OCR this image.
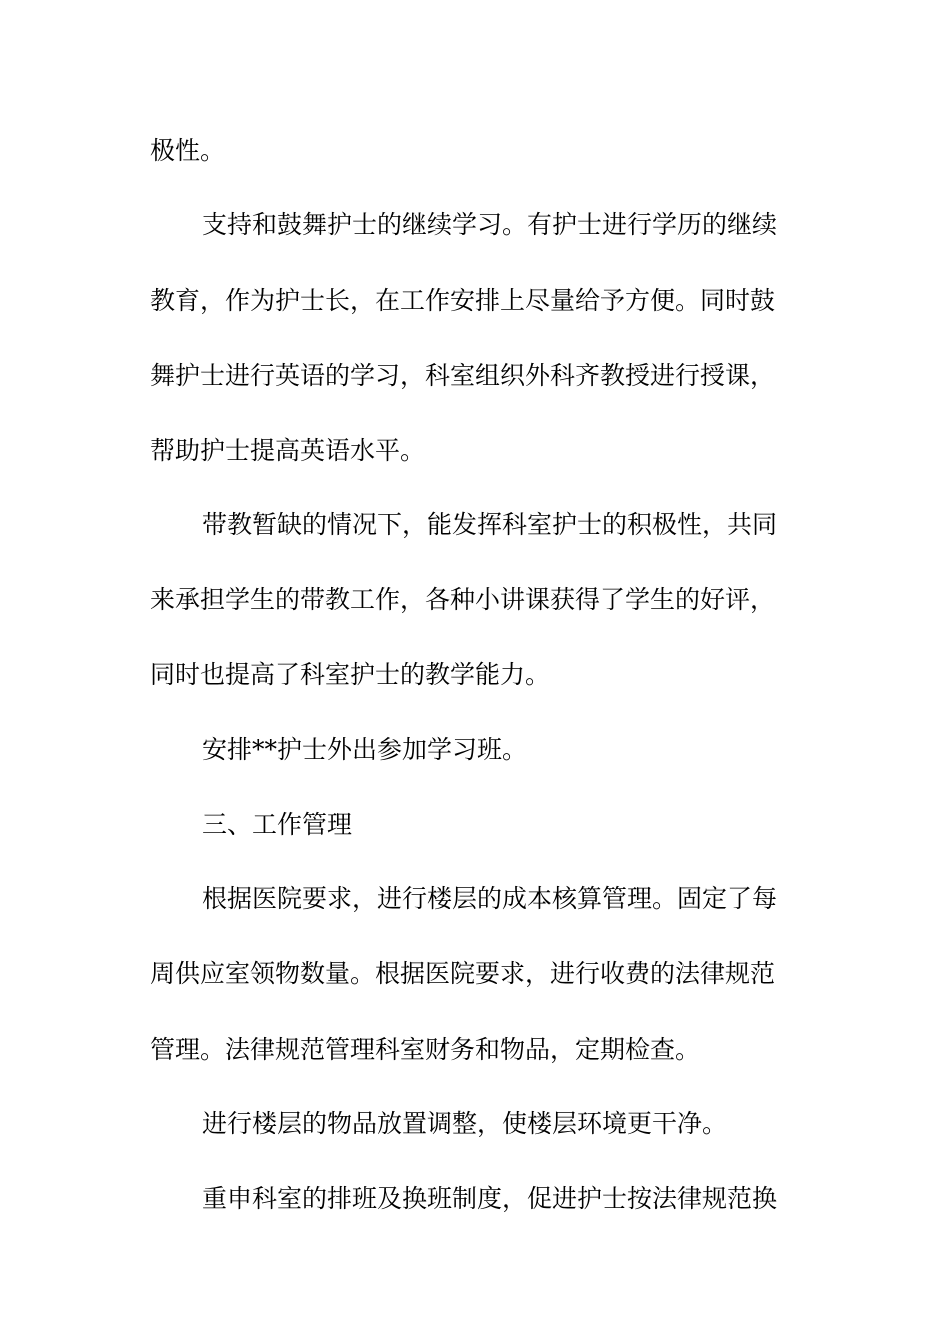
极性。
支持和鼓舞护士的继续学习。有护士进行学历的继续
教育，作为护士长，在工作安排上尽量给予方便。同时鼓
舞护士进行英语的学习，科室组织外科齐教授进行授课，
帮助护士提高英语水平。
带教暂缺的情况下，能发挥科室护士的积极性，共同
来承担学生的带教工作，各种小讲课获得了学生的好评，
同时也提高了科室护士的教学能力。
安排**护士外出参加学习班。
三、工作管理
根据医院要求，进行楼层的成本核算管理。固定了每
周供应室领物数量。根据医院要求，进行收费的法律规范
管理。法律规范管理科室财务和物品，定期检查。
进行楼层的物品放置调整，使楼层环境更干净。
重申科室的排班及换班制度，促进护士按法律规范换
